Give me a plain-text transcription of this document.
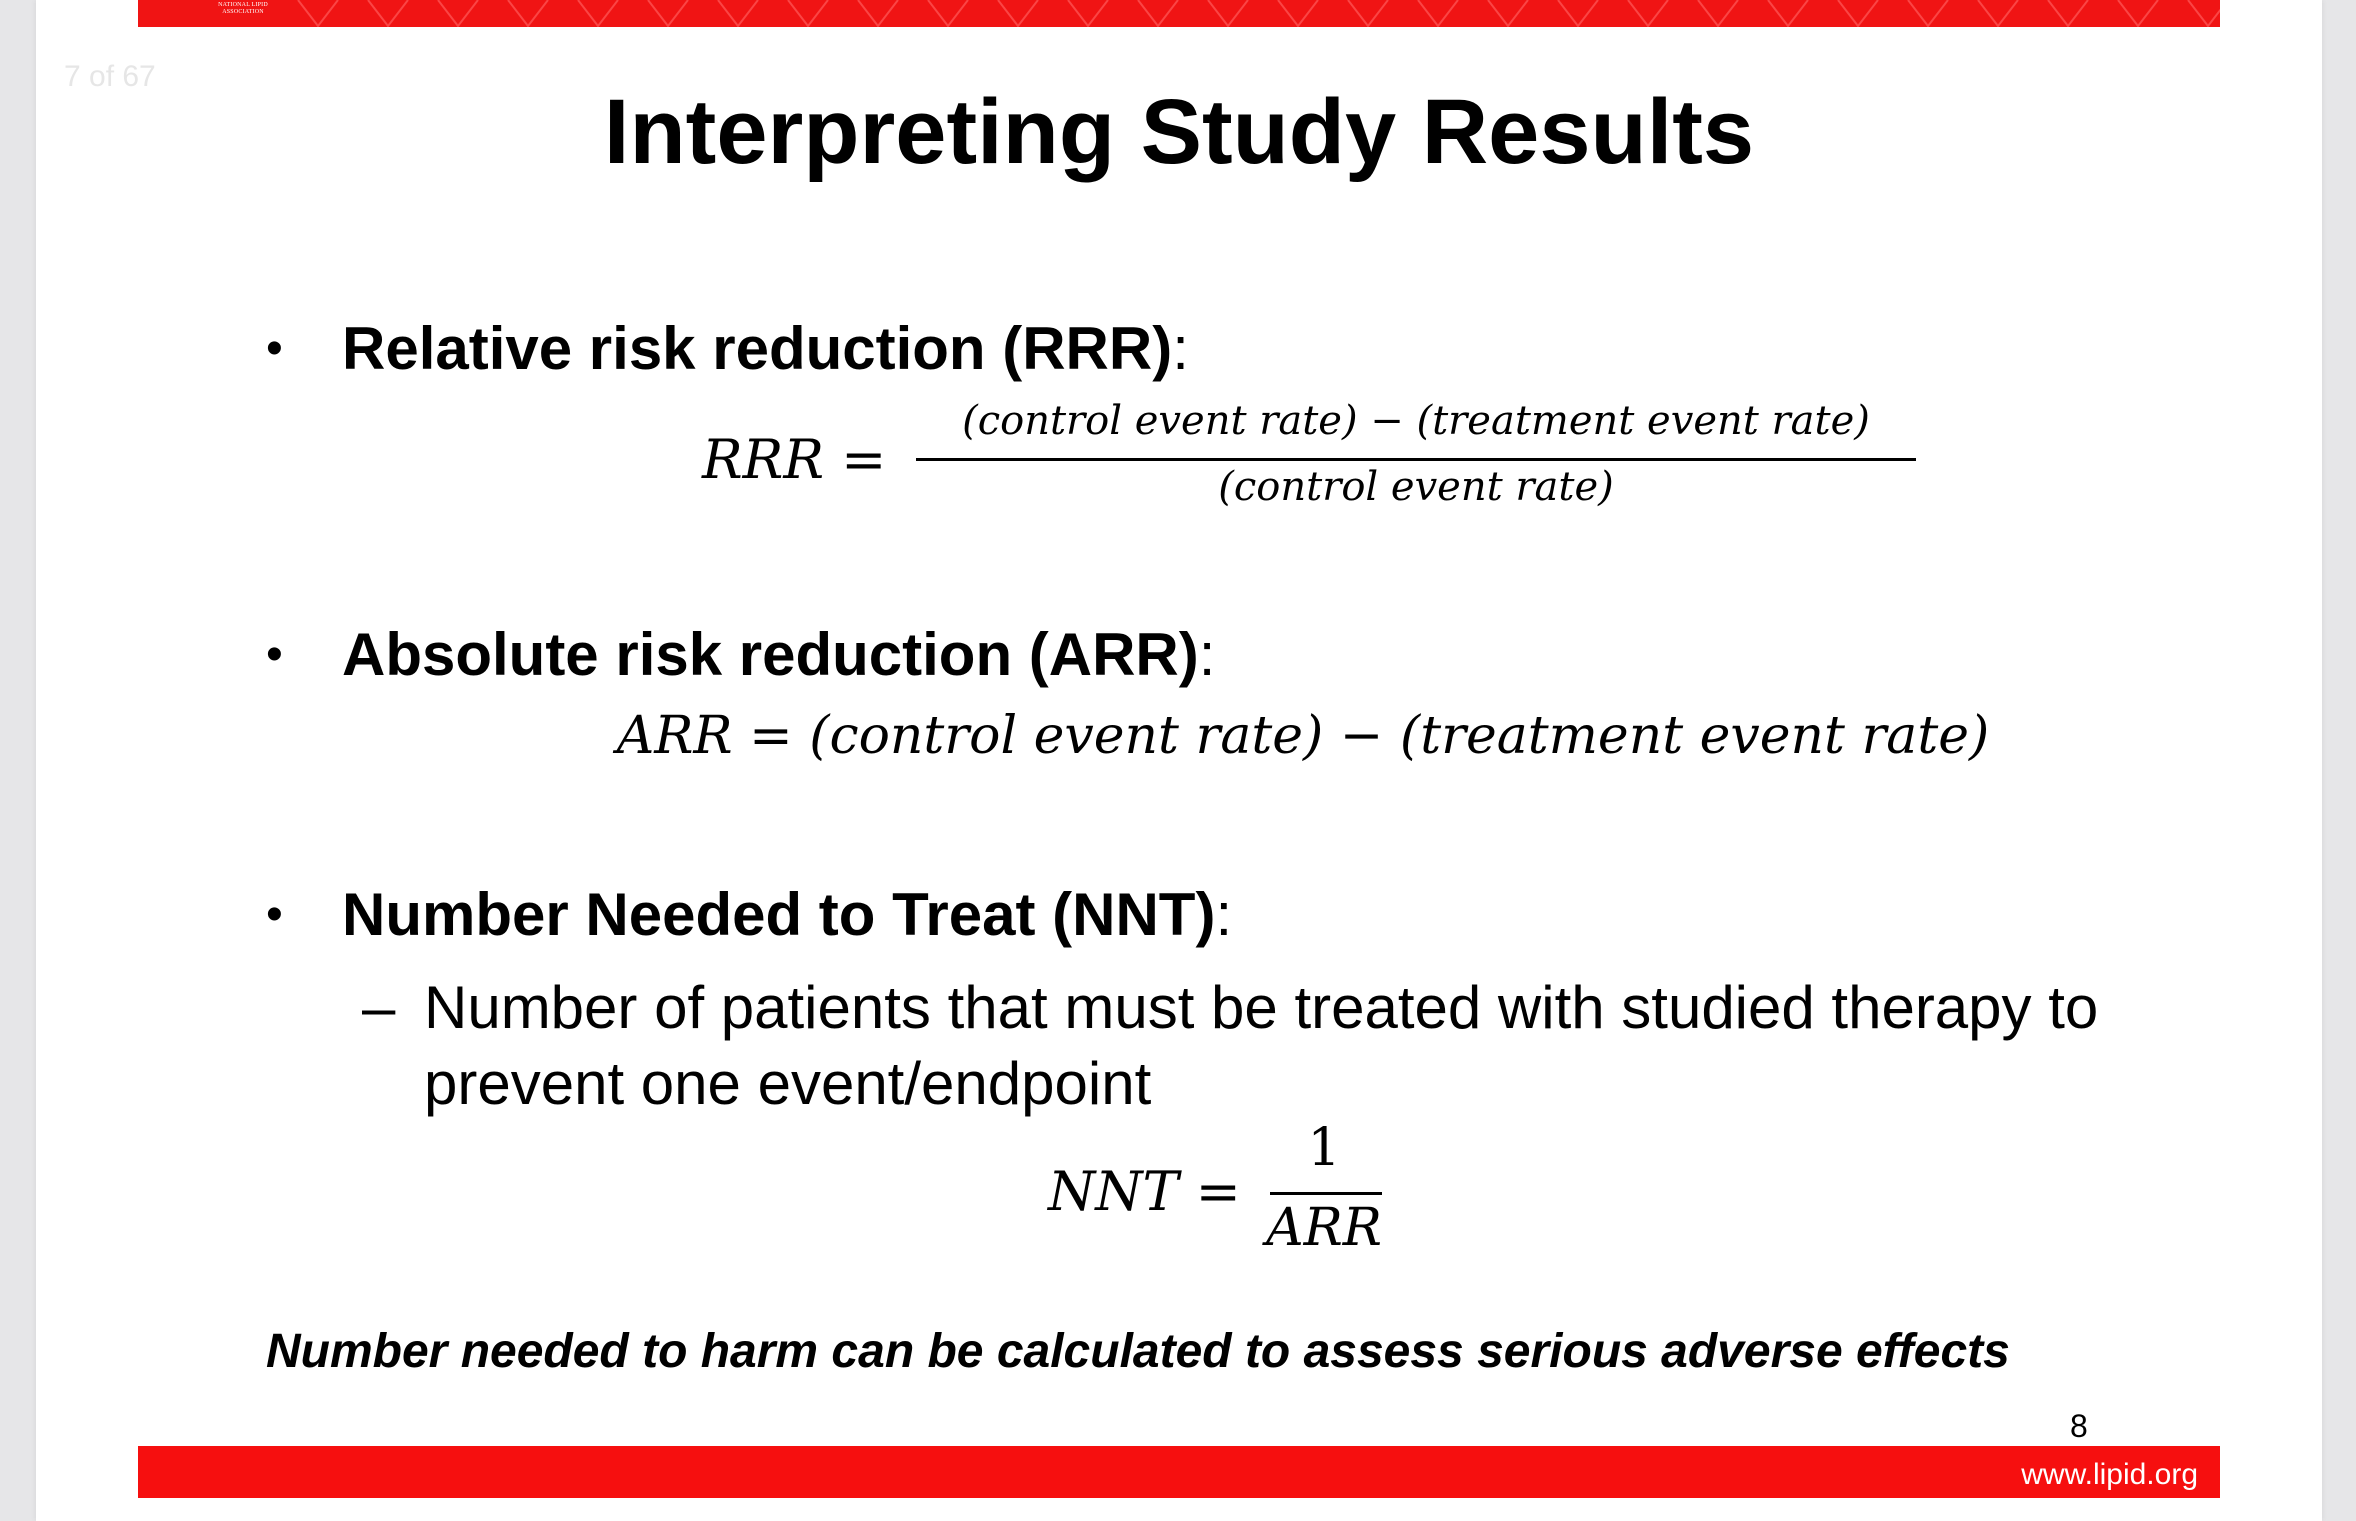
NATIONAL LIPID ASSOCIATION
7 of 67
Interpreting Study Results
• Relative risk reduction (RRR):
RRR =
(control event rate) − (treatment event rate)
(control event rate)
• Absolute risk reduction (ARR):
ARR = (control event rate) − (treatment event rate)
• Number Needed to Treat (NNT):
– Number of patients that must be treated with studied therapy to prevent one event/endpoint
NNT =
1
ARR
Number needed to harm can be calculated to assess serious adverse effects
8
www.lipid.org
